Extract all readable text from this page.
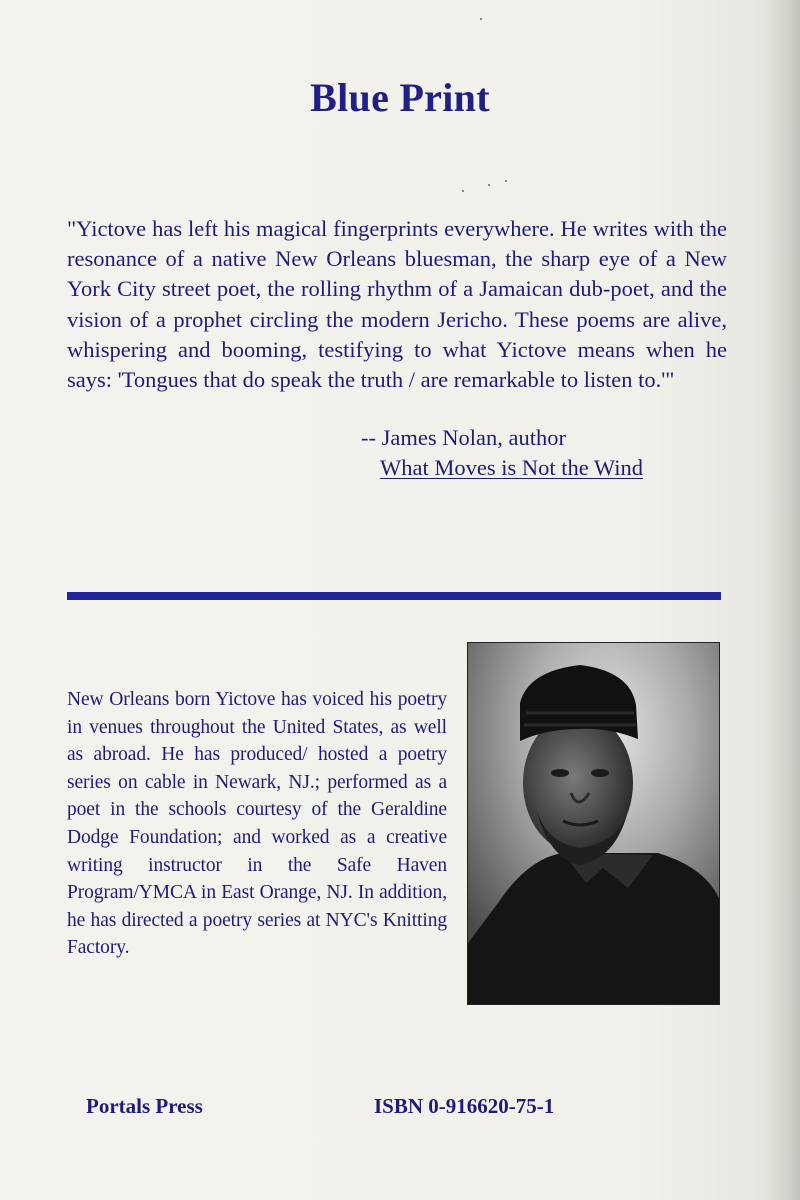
Blue Print
"Yictove has left his magical fingerprints everywhere. He writes with the resonance of a native New Orleans bluesman, the sharp eye of a New York City street poet, the rolling rhythm of a Jamaican dub-poet, and the vision of a prophet circling the modern Jericho. These poems are alive, whispering and booming, testifying to what Yictove means when he says: 'Tongues that do speak the truth / are remarkable to listen to.'"
-- James Nolan, author
What Moves is Not the Wind
New Orleans born Yictove has voiced his poetry in venues throughout the United States, as well as abroad. He has produced/ hosted a poetry series on cable in Newark, NJ.; performed as a poet in the schools courtesy of the Geraldine Dodge Foundation; and worked as a creative writing instructor in the Safe Haven Program/YMCA in East Orange, NJ. In addition, he has directed a poetry series at NYC's Knitting Factory.
Portals Press	ISBN 0-916620-75-1
